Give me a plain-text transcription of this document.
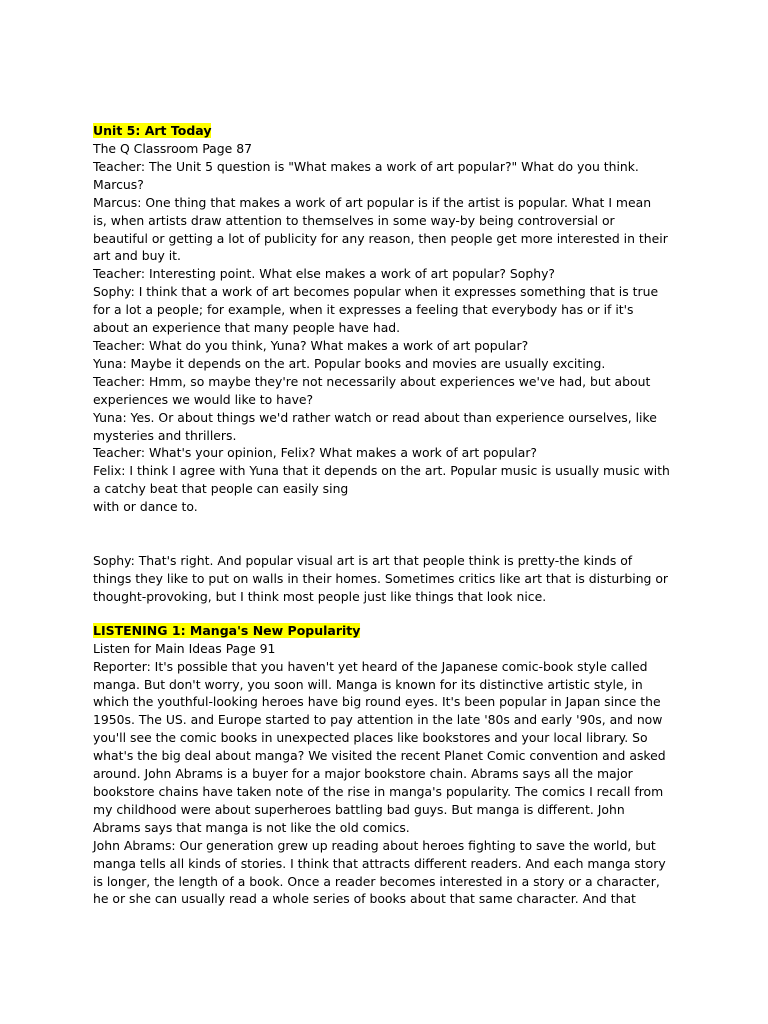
Unit 5: Art Today

The Q Classroom Page 87

Teacher: The Unit 5 question is "What makes a work of art popular?" What do you think.

Marcus?

Marcus: One thing that makes a work of art popular is if the artist is popular. What I mean

is, when artists draw attention to themselves in some way-by being controversial or

beautiful or getting a lot of publicity for any reason, then people get more interested in their

art and buy it.

Teacher: Interesting point. What else makes a work of art popular? Sophy?

Sophy: I think that a work of art becomes popular when it expresses something that is true

for a lot a people; for example, when it expresses a feeling that everybody has or if it's

about an experience that many people have had.

Teacher: What do you think, Yuna? What makes a work of art popular?

Yuna: Maybe it depends on the art. Popular books and movies are usually exciting.

Teacher: Hmm, so maybe they're not necessarily about experiences we've had, but about

experiences we would like to have?

Yuna: Yes. Or about things we'd rather watch or read about than experience ourselves, like

mysteries and thrillers.

Teacher: What's your opinion, Felix? What makes a work of art popular?

Felix: I think I agree with Yuna that it depends on the art. Popular music is usually music with

a catchy beat that people can easily sing

with or dance to.

Sophy: That's right. And popular visual art is art that people think is pretty-the kinds of

things they like to put on walls in their homes. Sometimes critics like art that is disturbing or

thought-provoking, but I think most people just like things that look nice.

LISTENING 1: Manga's New Popularity

Listen for Main Ideas Page 91

Reporter: It's possible that you haven't yet heard of the Japanese comic-book style called

manga. But don't worry, you soon will. Manga is known for its distinctive artistic style, in

which the youthful-looking heroes have big round eyes. It's been popular in Japan since the

1950s. The US. and Europe started to pay attention in the late '80s and early '90s, and now

you'll see the comic books in unexpected places like bookstores and your local library. So

what's the big deal about manga? We visited the recent Planet Comic convention and asked

around. John Abrams is a buyer for a major bookstore chain. Abrams says all the major

bookstore chains have taken note of the rise in manga's popularity. The comics I recall from

my childhood were about superheroes battling bad guys. But manga is different. John

Abrams says that manga is not like the old comics.

John Abrams: Our generation grew up reading about heroes fighting to save the world, but

manga tells all kinds of stories. I think that attracts different readers. And each manga story

is longer, the length of a book. Once a reader becomes interested in a story or a character,

he or she can usually read a whole series of books about that same character. And that
